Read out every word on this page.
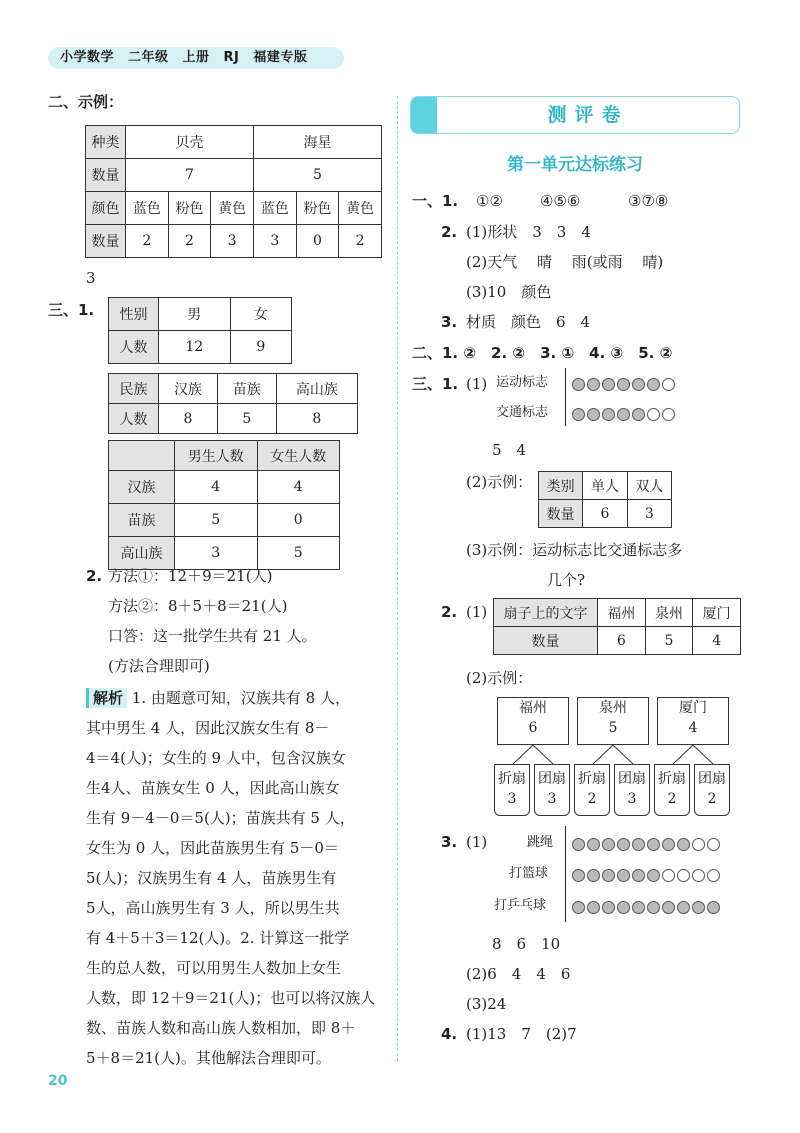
小学数学 二年级 上册 RJ 福建专版
二、示例：
种类	贝壳			海星		
数量	7			5		
颜色	蓝色	粉色	黄色	蓝色	粉色	黄色
数量	2	2	3	3	0	2
3
三、1. 性别	男	女
人数	12	9
民族	汉族	苗族	高山族
人数	8	5	8
	男生人数	女生人数
汉族	4	4
苗族	5	0
高山族	3	5
2. 方法①：12＋9＝21(人)
方法②：8＋5＋8＝21(人)
口答：这一批学生共有 21 人。
(方法合理即可)
解析 1. 由题意可知，汉族共有 8 人，
其中男生 4 人，因此汉族女生有 8－
4＝4(人)；女生的 9 人中，包含汉族女
生4人、苗族女生 0 人，因此高山族女
生有 9－4－0＝5(人)；苗族共有 5 人，
女生为 0 人，因此苗族男生有 5－0＝
5(人)；汉族男生有 4 人，苗族男生有
5人，高山族男生有 3 人，所以男生共
有 4＋5＋3＝12(人)。2. 计算这一批学
生的总人数，可以用男生人数加上女生
人数，即 12＋9＝21(人)；也可以将汉族人
数、苗族人数和高山族人数相加，即 8＋
5＋8＝21(人)。其他解法合理即可。
20
测评卷
第一单元达标练习
一、1. ①② ④⑤⑥	③⑦⑧
2. (1)形状　3　3　4
(2)天气　 晴　 雨(或雨　 晴)
(3)10　颜色
3. 材质　颜色　6　4
二、1. ②　2. ②　3. ①　4. ③　5. ②
三、1. (1) 运动标志
交通标志
5　4
(2)示例： 类别	单人	双人
数量	6	3
(3)示例：运动标志比交通标志多
几个?
2. (1) 扇子上的文字	福州	泉州	厦门
数量	6	5	4
(2)示例：
福州
6
泉州
5
厦门
4
折扇
3
团扇
3
折扇
2
团扇
3
折扇
2
团扇
2
3. (1)	跳绳
打篮球
打乒乓球
8　6　10
(2)6　4　4　6
(3)24
4. (1)13　7　(2)7
